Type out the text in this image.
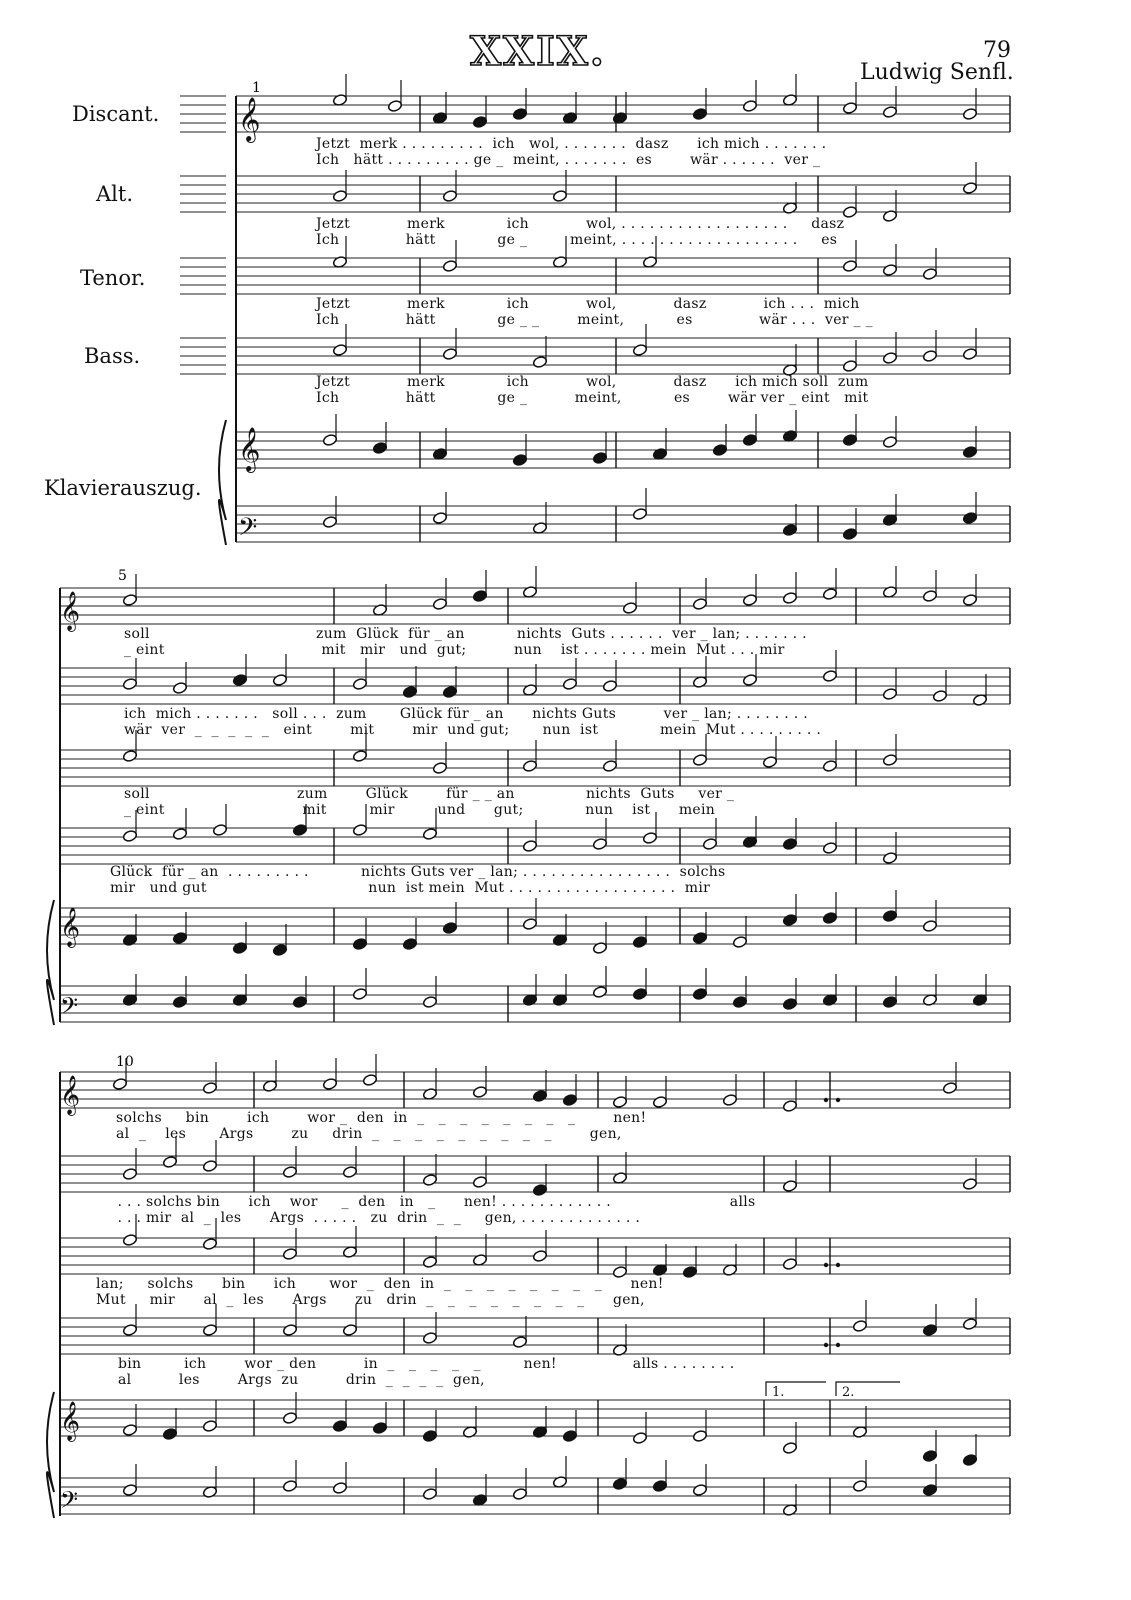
XXIX.	79
Ludwig Senfl.
Discant.
Alt.
Tenor.
Bass.
Klavierauszug.
𝄞
𝄢
𝄞
1
𝄞
𝄞
𝄢
5
𝄞
𝄞
𝄢
10
1.	2.
Jetzt  merk . . . . . . . . .  ich   wol, . . . . . . .  dasz      ich mich . . . . . . .
Ich   hätt . . . . . . . . . ge _  meint, . . . . . . .  es        wär . . . . . .  ver _
Jetzt            merk             ich            wol, . . . . . . . . . . . . . . . . . .     dasz
Ich              hätt             ge _         meint, . . . . . . . . . . . . . . . . . . .     es
Jetzt            merk             ich            wol,            dasz            ich . . .  mich
Ich              hätt             ge _ _        meint,           es              wär . . .  ver _ _
Jetzt            merk             ich            wol,            dasz      ich mich soll  zum
Ich              hätt             ge _          meint,           es        wär ver _ eint   mit
soll                                   zum  Glück  für _ an           nichts  Guts . . . . . .  ver _ lan; . . . . . . .
_ eint                                 mit   mir   und  gut;          nun    ist . . . . . . . mein  Mut . . . mir
ich  mich . . . . . . .   soll . . .  zum       Glück für _ an      nichts Guts          ver _ lan; . . . . . . . .
wär  ver  _  _  _  _  _   eint        mit        mir  und gut;       nun  ist             mein  Mut . . . . . . . . .
soll                               zum        Glück        für _ _ an               nichts  Guts     ver _
_ eint                             mit         mir         und      gut;             nun    ist      mein
Glück  für _ an  . . . . . . . . .           nichts Guts ver _ lan; . . . . . . . . . . . . . . . .  solchs
mir   und gut                                  nun  ist mein  Mut . . . . . . . . . . . . . . . . . .  mir
solchs     bin        ich        wor _  den  in  _   _   _   _   _   _   _   _        nen!
al  _    les       Args        zu     drin  _   _   _   _   _   _   _   _   _        gen,
. . . solchs bin      ich    wor     _  den   in   _      nen! . . . . . . . . . . . .                         alls
. . . mir  al  _  les      Args  . . . . .   zu  drin  _  _     gen, . . . . . . . . . . . . .
lan;     solchs      bin      ich       wor  _  den  in  _   _   _   _   _   _   _   _      nen!
Mut     mir      al  _  les      Args      zu   drin  _   _   _   _   _   _   _   _      gen,
bin         ich        wor _ den          in  _   _   _   _   _         nen!                alls . . . . . . . .
al          les        Args  zu          drin  _  _  _  _  gen,
